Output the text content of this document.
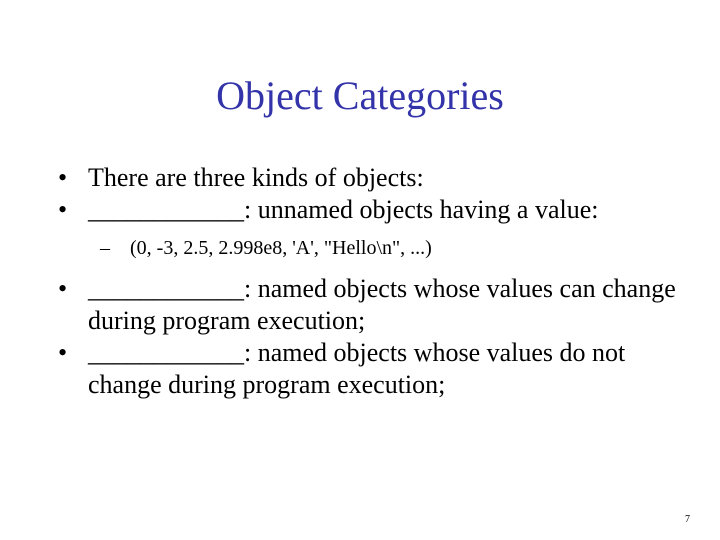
Object Categories
• There are three kinds of objects:
• ____________: unnamed objects having a value:
– (0, -3, 2.5, 2.998e8, 'A', "Hello\n", ...)
• ____________: named objects whose values can change during program execution;
• ____________: named objects whose values do not change during program execution;
7
